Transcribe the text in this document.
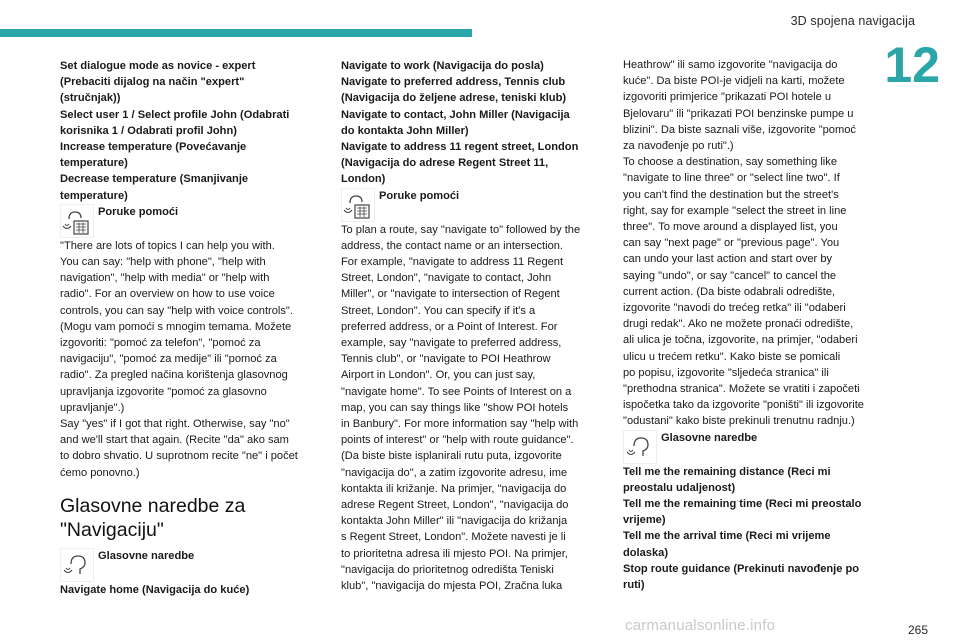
3D spojena navigacija
12
Set dialogue mode as novice - expert
(Prebaciti dijalog na način "expert"
(stručnjak))
Select user 1 / Select profile John (Odabrati
korisnika 1 / Odabrati profil John)
Increase temperature (Povećavanje
temperature)
Decrease temperature (Smanjivanje
temperature)
Poruke pomoći
"There are lots of topics I can help you with.
You can say: "help with phone", "help with
navigation", "help with media" or "help with
radio". For an overview on how to use voice
controls, you can say "help with voice controls".
(Mogu vam pomoći s mnogim temama. Možete
izgovoriti: "pomoć za telefon", "pomoć za
navigaciju", "pomoć za medije" ili "pomoć za
radio". Za pregled načina korištenja glasovnog
upravljanja izgovorite "pomoć za glasovno
upravljanje".)
Say "yes" if I got that right. Otherwise, say "no"
and we'll start that again. (Recite "da" ako sam
to dobro shvatio. U suprotnom recite "ne" i počet
ćemo ponovno.)
Glasovne naredbe za
"Navigaciju"
Glasovne naredbe
Navigate home (Navigacija do kuće)
Navigate to work (Navigacija do posla)
Navigate to preferred address, Tennis club
(Navigacija do željene adrese, teniski klub)
Navigate to contact, John Miller (Navigacija
do kontakta John Miller)
Navigate to address 11 regent street, London
(Navigacija do adrese Regent Street 11,
London)
Poruke pomoći
To plan a route, say "navigate to" followed by the
address, the contact name or an intersection.
For example, "navigate to address 11 Regent
Street, London", "navigate to contact, John
Miller", or "navigate to intersection of Regent
Street, London". You can specify if it's a
preferred address, or a Point of Interest. For
example, say "navigate to preferred address,
Tennis club", or "navigate to POI Heathrow
Airport in London". Or, you can just say,
"navigate home". To see Points of Interest on a
map, you can say things like "show POI hotels
in Banbury". For more information say "help with
points of interest" or "help with route guidance".
(Da biste biste isplanirali rutu puta, izgovorite
"navigacija do", a zatim izgovorite adresu, ime
kontakta ili križanje. Na primjer, "navigacija do
adrese Regent Street, London", "navigacija do
kontakta John Miller" ili "navigacija do križanja
s Regent Street, London". Možete navesti je li
to prioritetna adresa ili mjesto POI. Na primjer,
"navigacija do prioritetnog odredišta Teniski
klub", "navigacija do mjesta POI, Zračna luka
Heathrow" ili samo izgovorite "navigacija do
kuće". Da biste POI-je vidjeli na karti, možete
izgovoriti primjerice "prikazati POI hotele u
Bjelovaru" ili "prikazati POI benzinske pumpe u
blizini". Da biste saznali više, izgovorite "pomoć
za navođenje po ruti".)
To choose a destination, say something like
"navigate to line three" or "select line two". If
you can't find the destination but the street's
right, say for example "select the street in line
three". To move around a displayed list, you
can say "next page" or "previous page". You
can undo your last action and start over by
saying "undo", or say "cancel" to cancel the
current action. (Da biste odabrali odredište,
izgovorite "navodi do trećeg retka" ili "odaberi
drugi redak". Ako ne možete pronaći odredište,
ali ulica je točna, izgovorite, na primjer, "odaberi
ulicu u trećem retku". Kako biste se pomicali
po popisu, izgovorite "sljedeća stranica" ili
"prethodna stranica". Možete se vratiti i započeti
ispočetka tako da izgovorite "poništi" ili izgovorite
"odustani" kako biste prekinuli trenutnu radnju.)
Glasovne naredbe
Tell me the remaining distance (Reci mi
preostalu udaljenost)
Tell me the remaining time (Reci mi preostalo
vrijeme)
Tell me the arrival time (Reci mi vrijeme
dolaska)
Stop route guidance (Prekinuti navođenje po
ruti)
265
carmanualsonline.info
